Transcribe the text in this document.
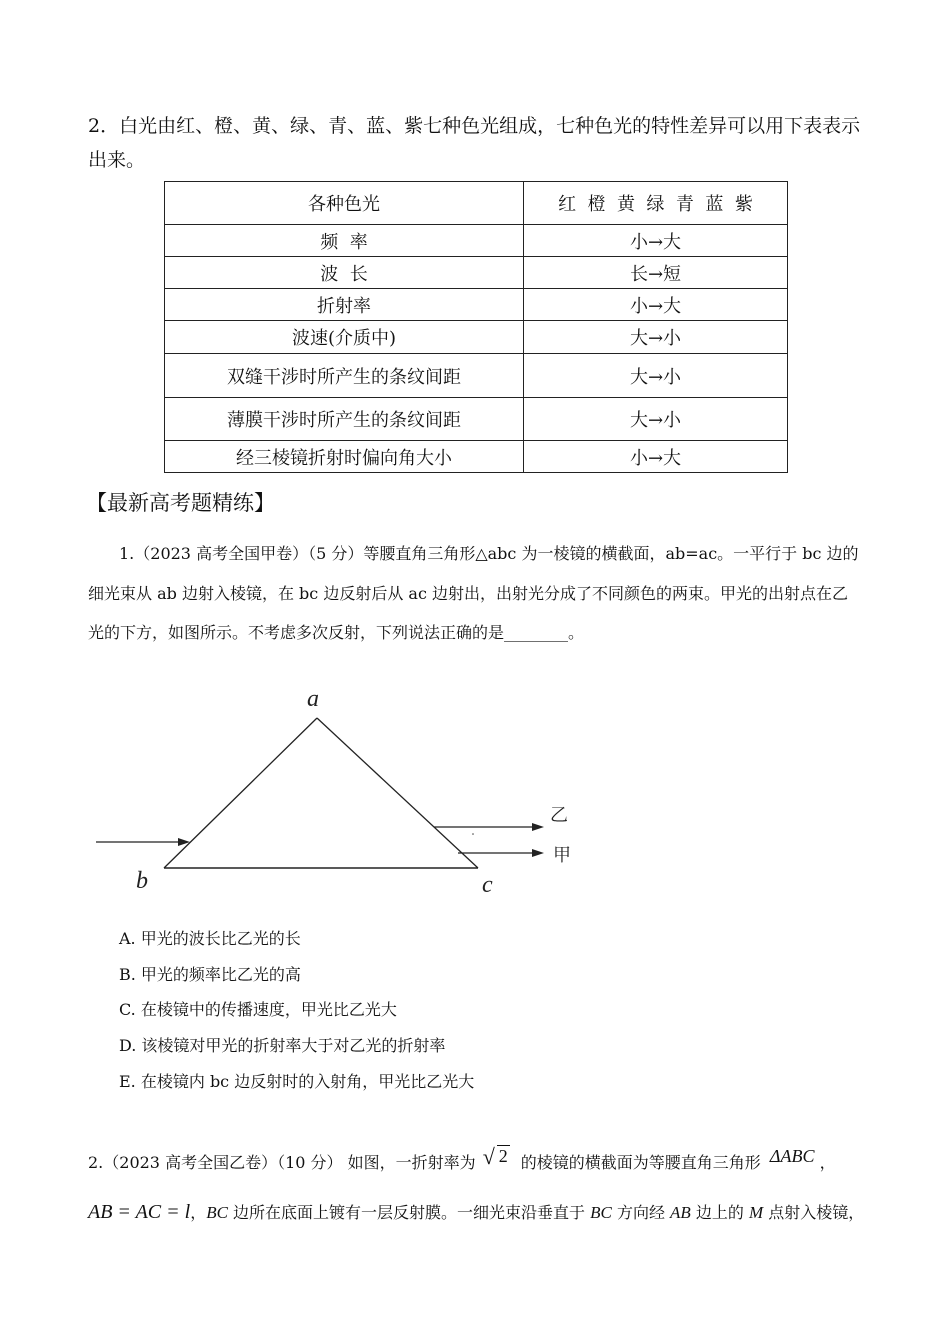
2．白光由红、橙、黄、绿、青、蓝、紫七种色光组成，七种色光的特性差异可以用下表表示
出来。
各种色光	红  橙  黄  绿  青  蓝  紫
频  率	小→大
波  长	长→短
折射率	小→大
波速(介质中)	大→小
双缝干涉时所产生的条纹间距	大→小
薄膜干涉时所产生的条纹间距	大→小
经三棱镜折射时偏向角大小	小→大
【最新高考题精练】
1.（2023 高考全国甲卷）（5 分）等腰直角三角形△abc 为一棱镜的横截面，ab=ac。一平行于 bc 边的
细光束从 ab 边射入棱镜，在 bc 边反射后从 ac 边射出，出射光分成了不同颜色的两束。甲光的出射点在乙
光的下方，如图所示。不考虑多次反射，下列说法正确的是________。
a
b	c
乙
甲
A. 甲光的波长比乙光的长
B. 甲光的频率比乙光的高
C. 在棱镜中的传播速度，甲光比乙光大
D. 该棱镜对甲光的折射率大于对乙光的折射率
E. 在棱镜内 bc 边反射时的入射角，甲光比乙光大
2.（2023 高考全国乙卷）（10 分） 如图，一折射率为 √ 2 的棱镜的横截面为等腰直角三角形 ΔABC ，
AB = AC = l，BC 边所在底面上镀有一层反射膜。一细光束沿垂直于 BC 方向经 AB 边上的 M 点射入棱镜，
